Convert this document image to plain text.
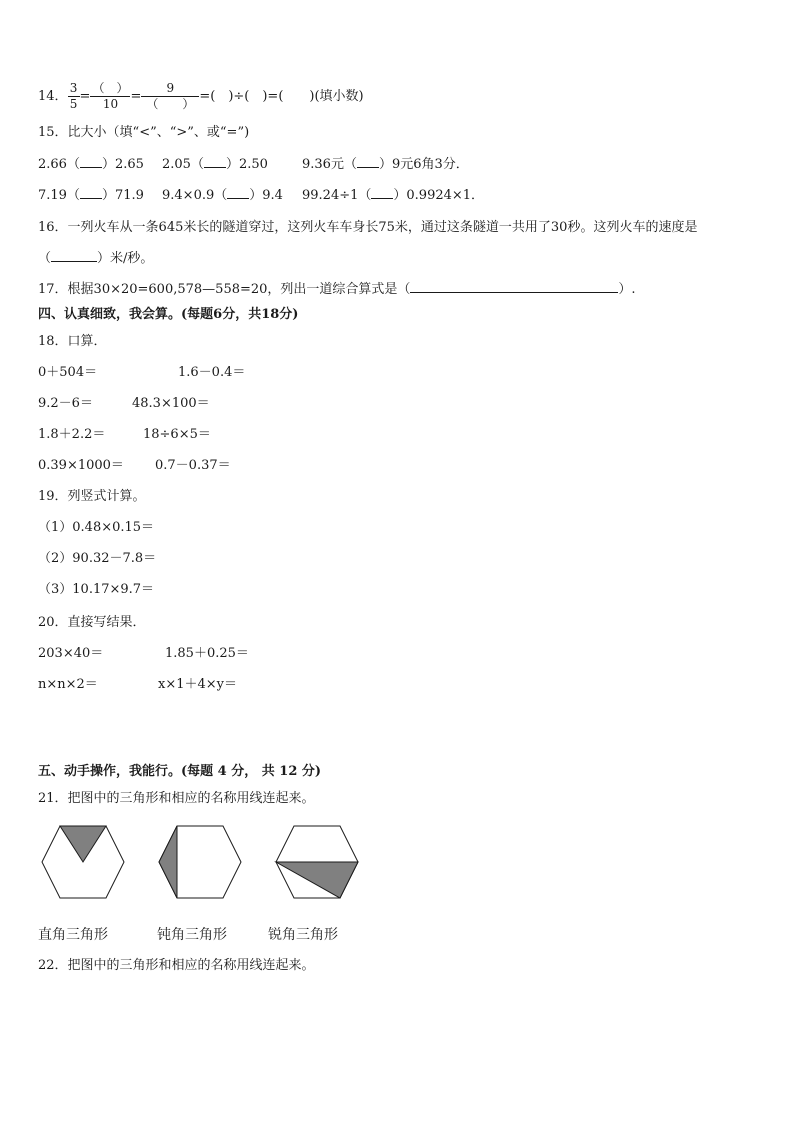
14． $\frac{3}{5} = \frac{( )}{10} = \frac{9}{( )}$ =(　)÷(　)=(　　)(填小数)
15．比大小（填“<”、“>”、或“=”)
2.66（ ）2.65 2.05（ ）2.50	9.36元（ ）9元6角3分．
7.19（ ）71.9 9.4×0.9（ ）9.4 99.24÷1（ ）0.9924×1．
16．一列火车从一条645米长的隧道穿过，这列火车车身长75米，通过这条隧道一共用了30秒。这列火车的速度是
（	）米/秒。
17．根据30×20=600,578—558=20，列出一道综合算式是（	）.
四、认真细致，我会算。(每题6分，共18分)
18．口算．
0＋504＝	1.6－0.4＝
9.2－6＝	48.3×100＝
1.8＋2.2＝	18÷6×5＝
0.39×1000＝ 0.7－0.37＝
19．列竖式计算。
（1）0.48×0.15＝
（2）90.32－7.8＝
（3）10.17×9.7＝
20．直接写结果．
203×40＝	1.85＋0.25＝
n×n×2＝	x×1＋4×y＝
五、动手操作，我能行。(每题 4 分， 共 12 分)
21．把图中的三角形和相应的名称用线连起来。
直角三角形	钝角三角形	锐角三角形
22．把图中的三角形和相应的名称用线连起来。
